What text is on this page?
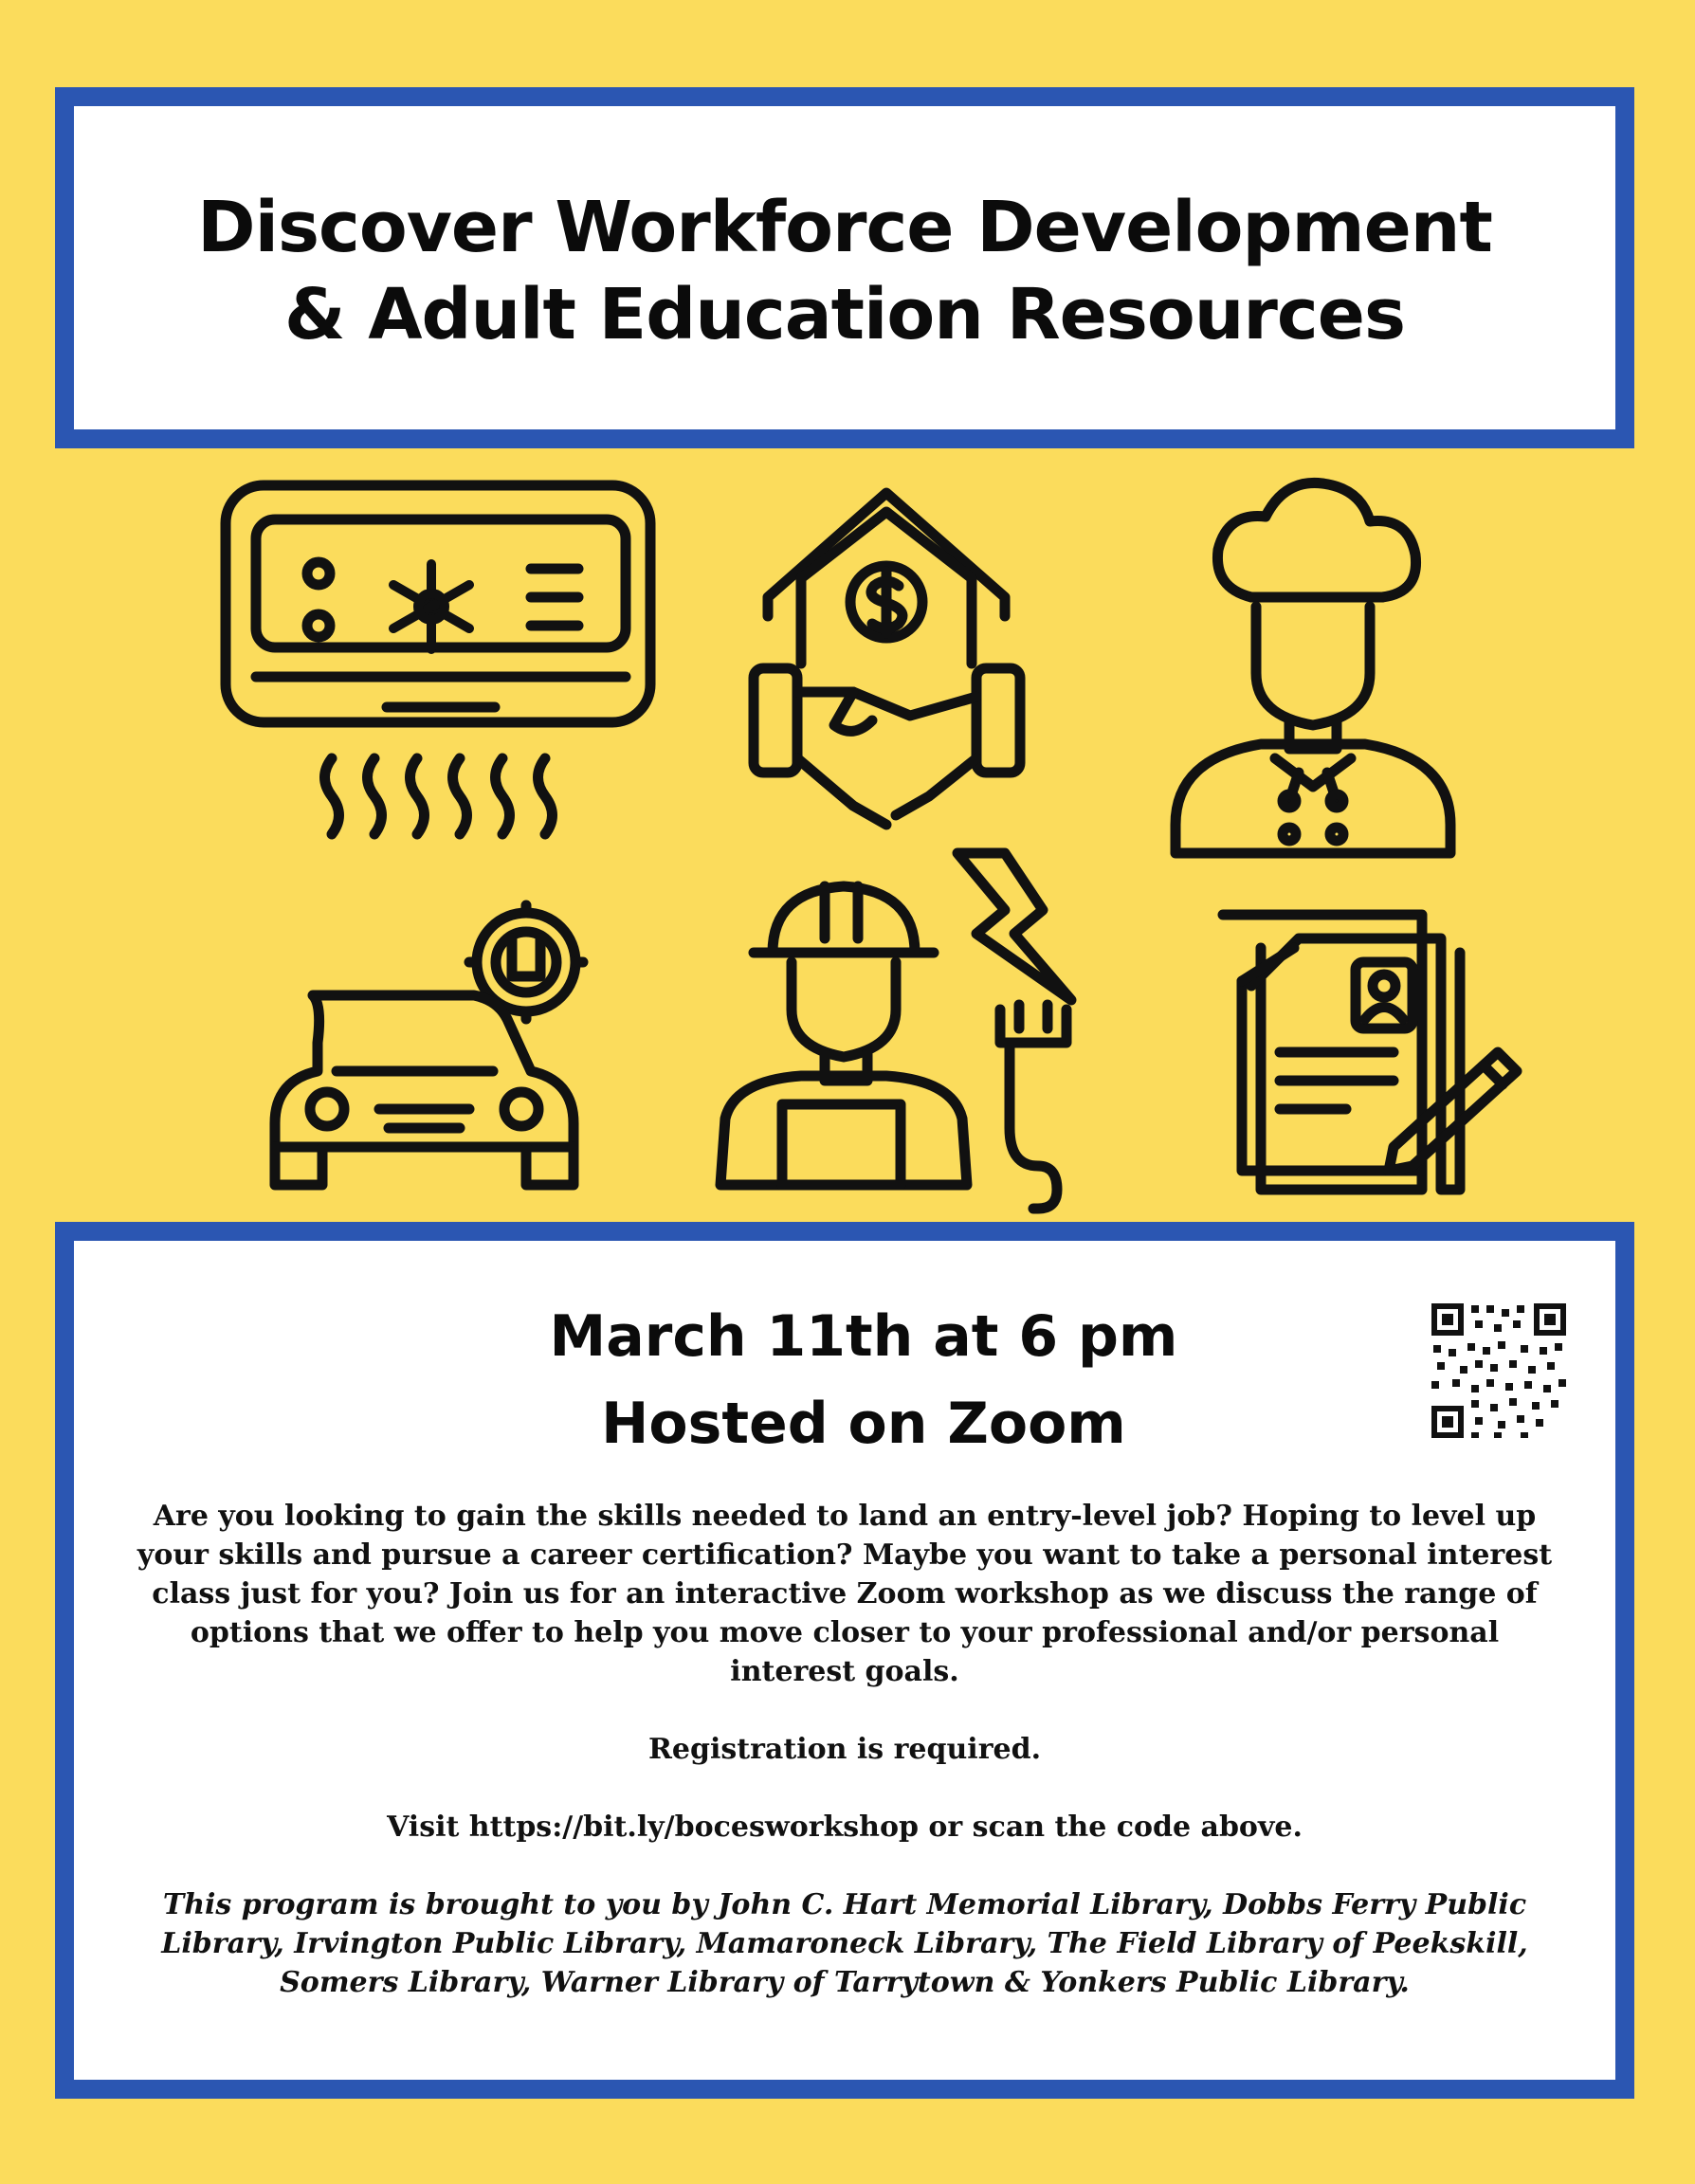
Discover Workforce Development
& Adult Education Resources
March 11th at 6 pm
Hosted on Zoom

Are you looking to gain the skills needed to land an entry-level job? Hoping to level up your skills and pursue a career certification? Maybe you want to take a personal interest class just for you? Join us for an interactive Zoom workshop as we discuss the range of options that we offer to help you move closer to your professional and/or personal interest goals.

Registration is required.

Visit https://bit.ly/bocesworkshop or scan the code above.

This program is brought to you by John C. Hart Memorial Library, Dobbs Ferry Public Library, Irvington Public Library, Mamaroneck Library, The Field Library of Peekskill, Somers Library, Warner Library of Tarrytown & Yonkers Public Library.
